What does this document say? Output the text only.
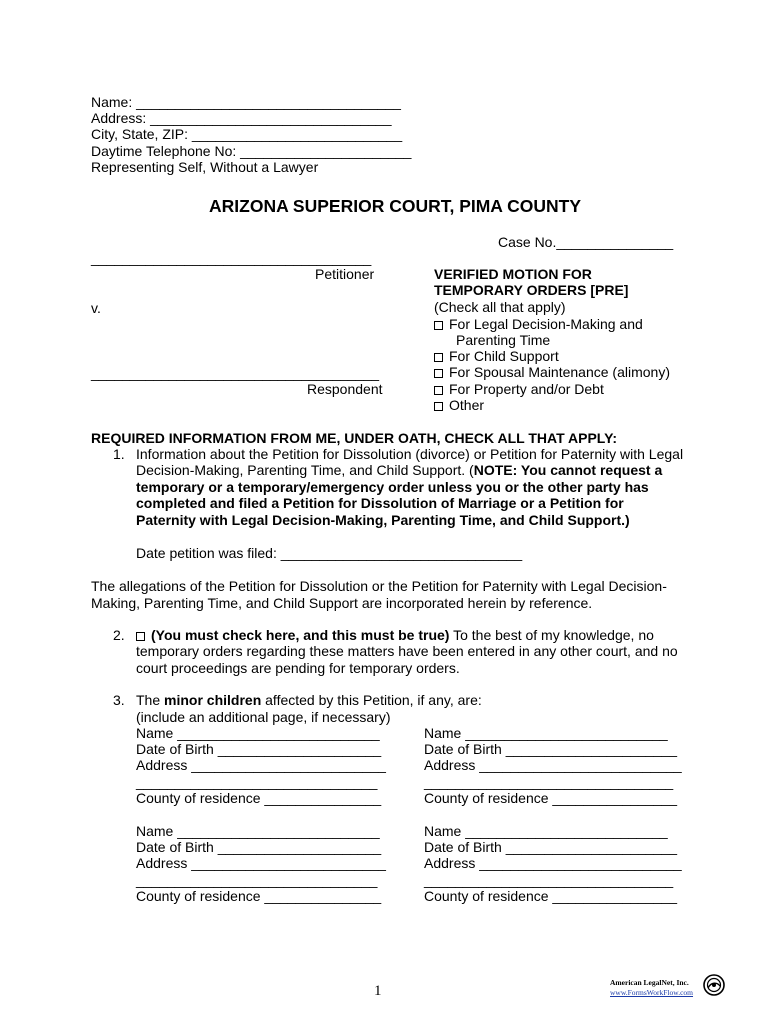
Name: __________________________________
Address: _______________________________
City, State, ZIP: ___________________________
Daytime Telephone No: ______________________
Representing Self, Without a Lawyer
ARIZONA SUPERIOR COURT, PIMA COUNTY
Case No._______________
____________________________________
Petitioner
v.
_____________________________________
Respondent
VERIFIED MOTION FOR
TEMPORARY ORDERS [PRE]
(Check all that apply)
For Legal Decision-Making and
Parenting Time
For Child Support
For Spousal Maintenance (alimony)
For Property and/or Debt
Other
REQUIRED INFORMATION FROM ME, UNDER OATH, CHECK ALL THAT APPLY:
1. Information about the Petition for Dissolution (divorce) or Petition for Paternity with Legal
Decision-Making, Parenting Time, and Child Support. (NOTE: You cannot request a
temporary or a temporary/emergency order unless you or the other party has
completed and filed a Petition for Dissolution of Marriage or a Petition for
Paternity with Legal Decision-Making, Parenting Time, and Child Support.)
Date petition was filed: _______________________________
The allegations of the Petition for Dissolution or the Petition for Paternity with Legal Decision-
Making, Parenting Time, and Child Support are incorporated herein by reference.
2.	(You must check here, and this must be true) To the best of my knowledge, no
temporary orders regarding these matters have been entered in any other court, and no
court proceedings are pending for temporary orders.
3. The minor children affected by this Petition, if any, are:
(include an additional page, if necessary)
Name __________________________
Date of Birth _____________________
Address _________________________
_______________________________
County of residence _______________
Name __________________________
Date of Birth ______________________
Address __________________________
________________________________
County of residence ________________
Name __________________________
Date of Birth _____________________
Address _________________________
_______________________________
County of residence _______________
Name __________________________
Date of Birth ______________________
Address __________________________
________________________________
County of residence ________________
1
American LegalNet, Inc.
www.FormsWorkFlow.com
